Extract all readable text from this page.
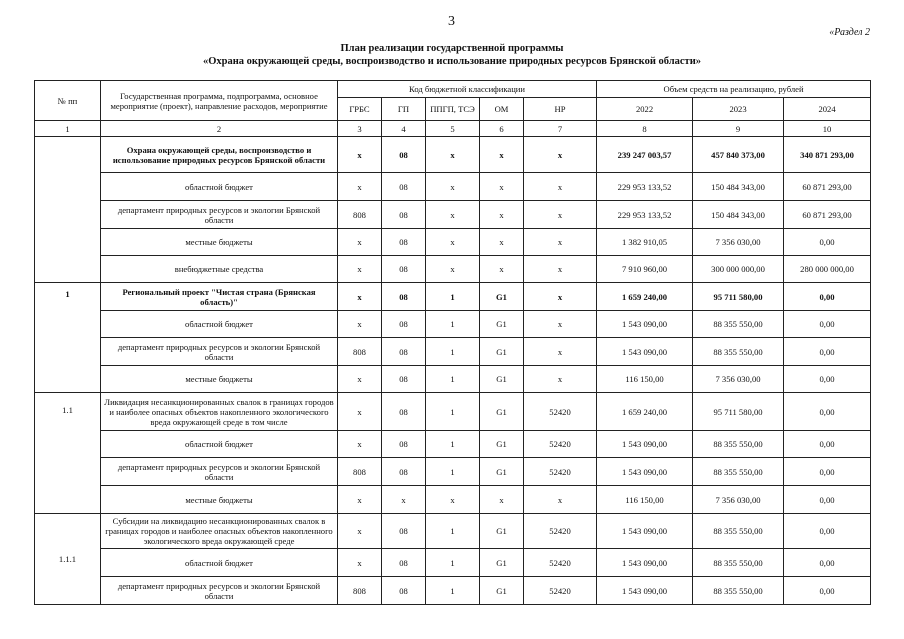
3
«Раздел 2
План реализации государственной программы
«Охрана окружающей среды, воспроизводство и использование природных ресурсов Брянской области»
№ пп	Государственная программа, подпрограмма, основное мероприятие (проект), направление расходов, мероприятие	Код бюджетной классификации					Объем средств на реализацию, рублей		
		ГРБС	ГП	ППГП, ТСЭ	ОМ	НР	2022	2023	2024
1	2	3	4	5	6	7	8	9	10
	Охрана окружающей среды, воспроизводство и использование природных ресурсов Брянской области	х	08	х	х	х	239 247 003,57	457 840 373,00	340 871 293,00
	областной бюджет	х	08	х	х	х	229 953 133,52	150 484 343,00	60 871 293,00
	департамент природных ресурсов и экологии Брянской области	808	08	х	х	х	229 953 133,52	150 484 343,00	60 871 293,00
	местные бюджеты	х	08	х	х	х	1 382 910,05	7 356 030,00	0,00
	внебюджетные средства	х	08	х	х	х	7 910 960,00	300 000 000,00	280 000 000,00
1	Региональный проект "Чистая страна (Брянская область)"	х	08	1	G1	х	1 659 240,00	95 711 580,00	0,00
	областной бюджет	х	08	1	G1	х	1 543 090,00	88 355 550,00	0,00
	департамент природных ресурсов и экологии Брянской области	808	08	1	G1	х	1 543 090,00	88 355 550,00	0,00
	местные бюджеты	х	08	1	G1	х	116 150,00	7 356 030,00	0,00
1.1	Ликвидация несанкционированных свалок в границах городов и наиболее опасных объектов накопленного экологического вреда окружающей среде в том числе	х	08	1	G1	52420	1 659 240,00	95 711 580,00	0,00
	областной бюджет	х	08	1	G1	52420	1 543 090,00	88 355 550,00	0,00
	департамент природных ресурсов и экологии Брянской области	808	08	1	G1	52420	1 543 090,00	88 355 550,00	0,00
	местные бюджеты	х	х	х	х	х	116 150,00	7 356 030,00	0,00
1.1.1	Субсидии на ликвидацию несанкционированных свалок в границах городов и наиболее опасных объектов накопленного экологического вреда окружающей среде	х	08	1	G1	52420	1 543 090,00	88 355 550,00	0,00
	областной бюджет	х	08	1	G1	52420	1 543 090,00	88 355 550,00	0,00
	департамент природных ресурсов и экологии Брянской области	808	08	1	G1	52420	1 543 090,00	88 355 550,00	0,00
